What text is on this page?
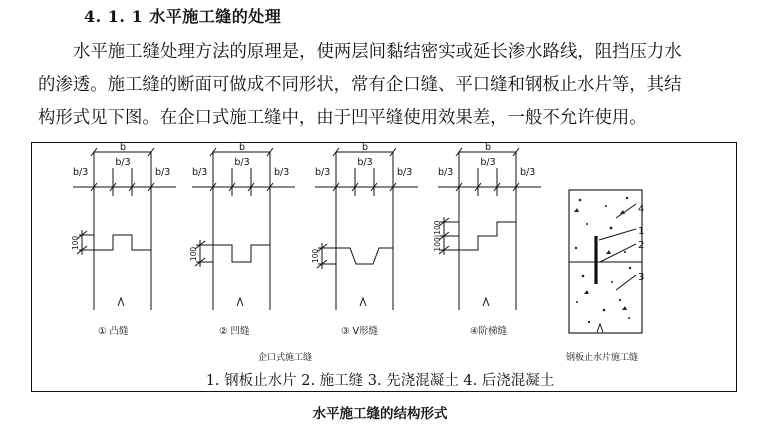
4. 1. 1 水平施工缝的处理
水平施工缝处理方法的原理是，使两层间黏结密实或延长渗水路线，阻挡压力水
的渗透。施工缝的断面可做成不同形状，常有企口缝、平口缝和钢板止水片等，其结
构形式见下图。在企口式施工缝中，由于凹平缝使用效果差，一般不允许使用。
b	b	b	b
b/3	b/3	b/3	b/3
b/3	b/3 b/3	b/3	b/3	b/3	b/3	b/3
100
100	100
100|100
4
1
2
3
① 凸缝	② 凹缝	③ V形缝	④阶梯缝
企口式施工缝	钢板止水片施工缝
1. 钢板止水片 2. 施工缝 3. 先浇混凝土 4. 后浇混凝土
水平施工缝的结构形式
